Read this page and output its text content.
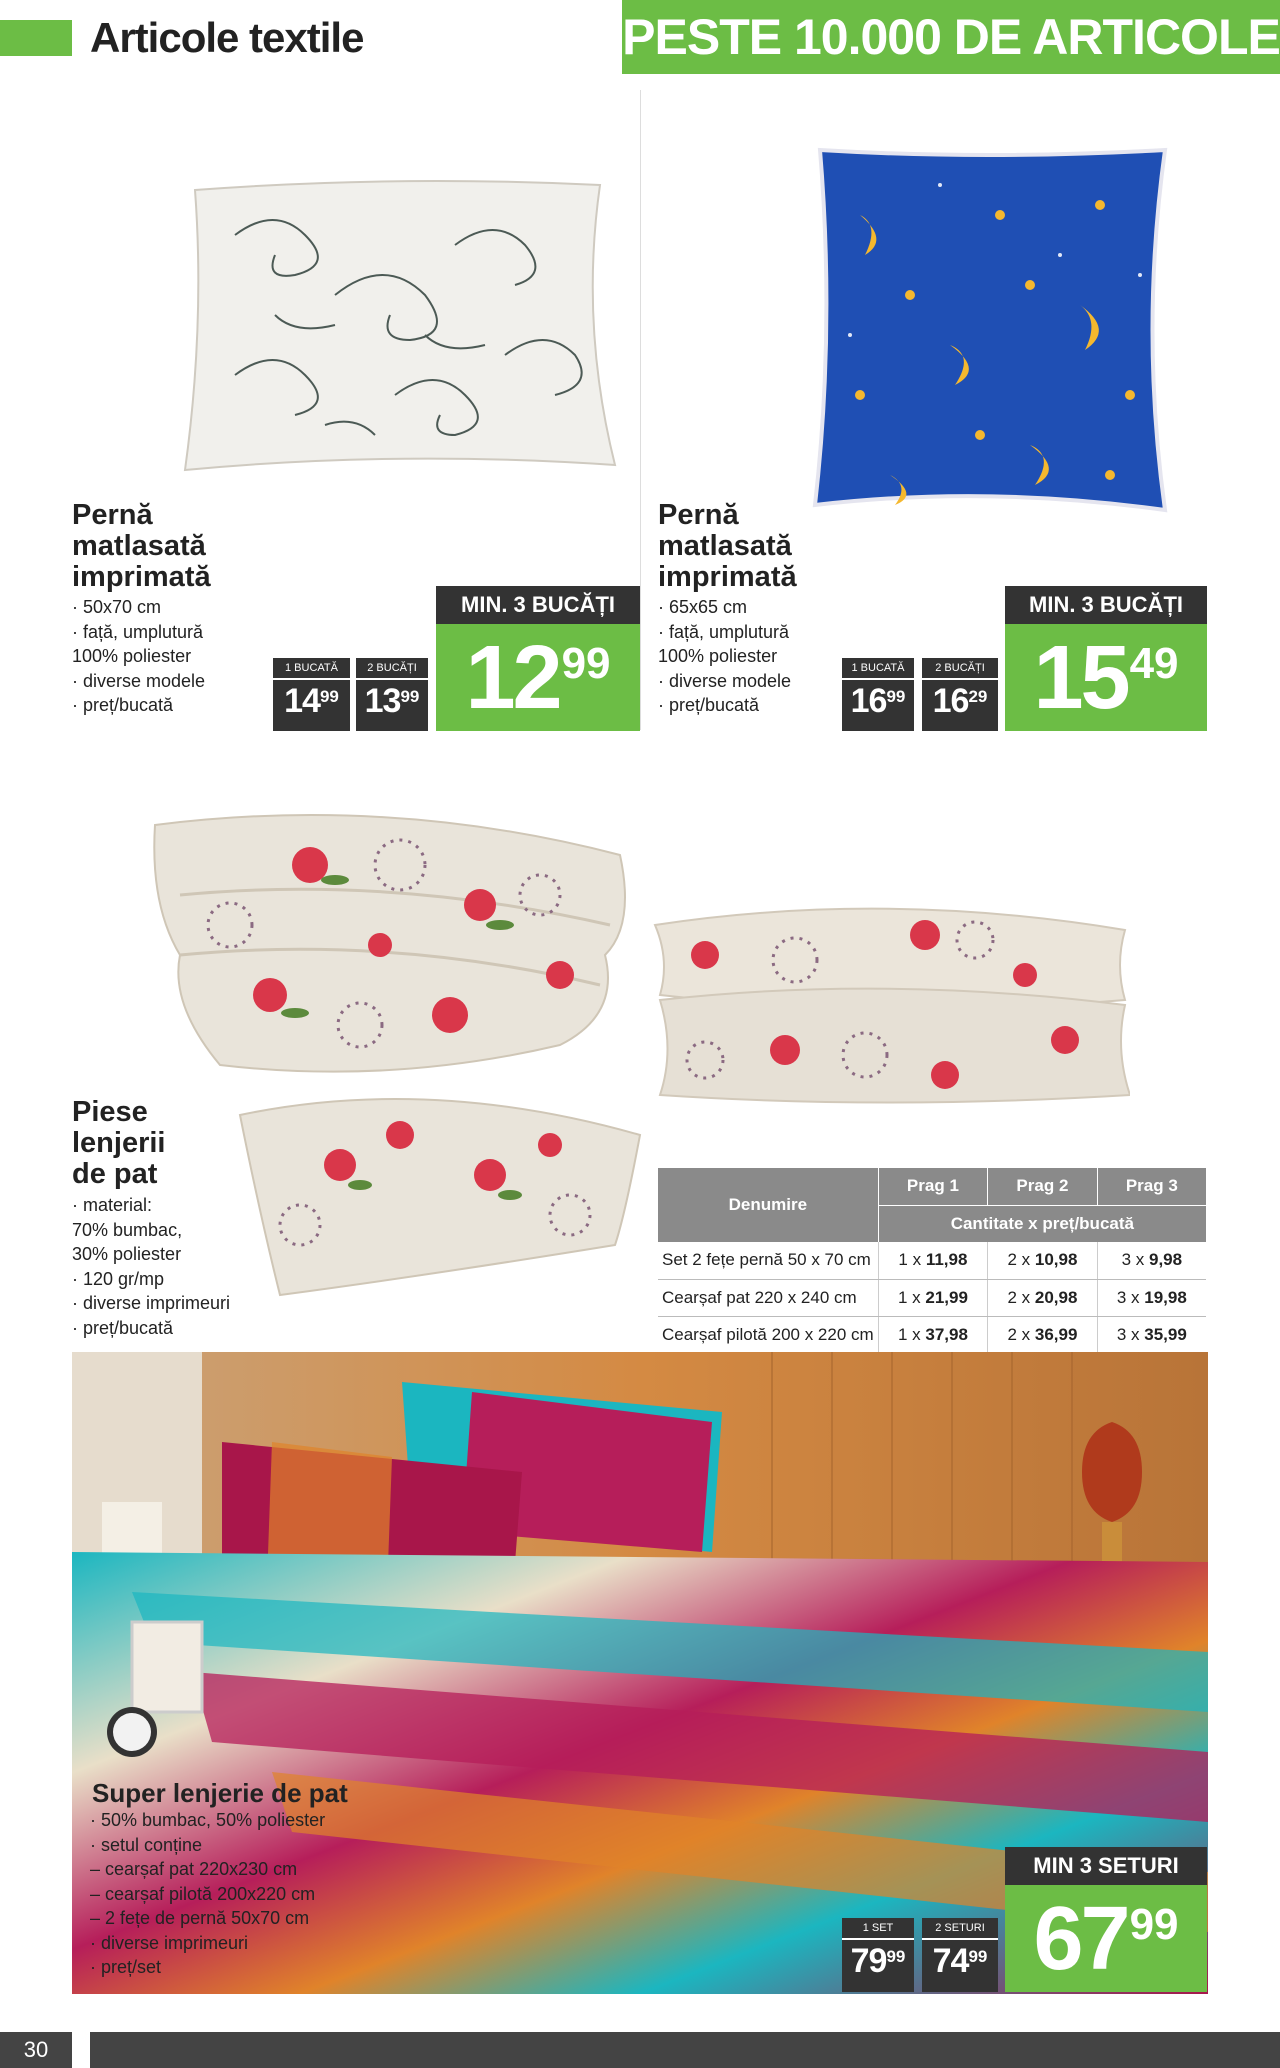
Articole textile	PESTE 10.000 DE ARTICOLE
Pernă
matlasată
imprimată
· 50x70 cm
· față, umplutură
100% poliester
· diverse modele
· preț/bucată
1 BUCATĂ
14 99
2 BUCĂȚI
13 99
MIN. 3 BUCĂȚI
12 99
Pernă
matlasată
imprimată
· 65x65 cm
· față, umplutură
100% poliester
· diverse modele
· preț/bucată
1 BUCATĂ
16 99
2 BUCĂȚI
16 29
MIN. 3 BUCĂȚI
15 49
Piese
lenjerii
de pat
· material:
70% bumbac,
30% poliester
· 120 gr/mp
· diverse imprimeuri
· preț/bucată
Denumire	Prag 1	Prag 2	Prag 3
	Cantitate x preț/bucată		
Set 2 fețe pernă 50 x 70 cm	1 x 11,98	2 x 10,98	3 x 9,98
Cearșaf pat 220 x 240 cm	1 x 21,99	2 x 20,98	3 x 19,98
Cearșaf pilotă 200 x 220 cm	1 x 37,98	2 x 36,99	3 x 35,99
Super lenjerie de pat
· 50% bumbac, 50% poliester
· setul conține
– cearșaf pat 220x230 cm
– cearșaf pilotă 200x220 cm
– 2 fețe de pernă 50x70 cm
· diverse imprimeuri
· preț/set
1 SET
79 99
2 SETURI
74 99
MIN 3 SETURI
67 99
30
